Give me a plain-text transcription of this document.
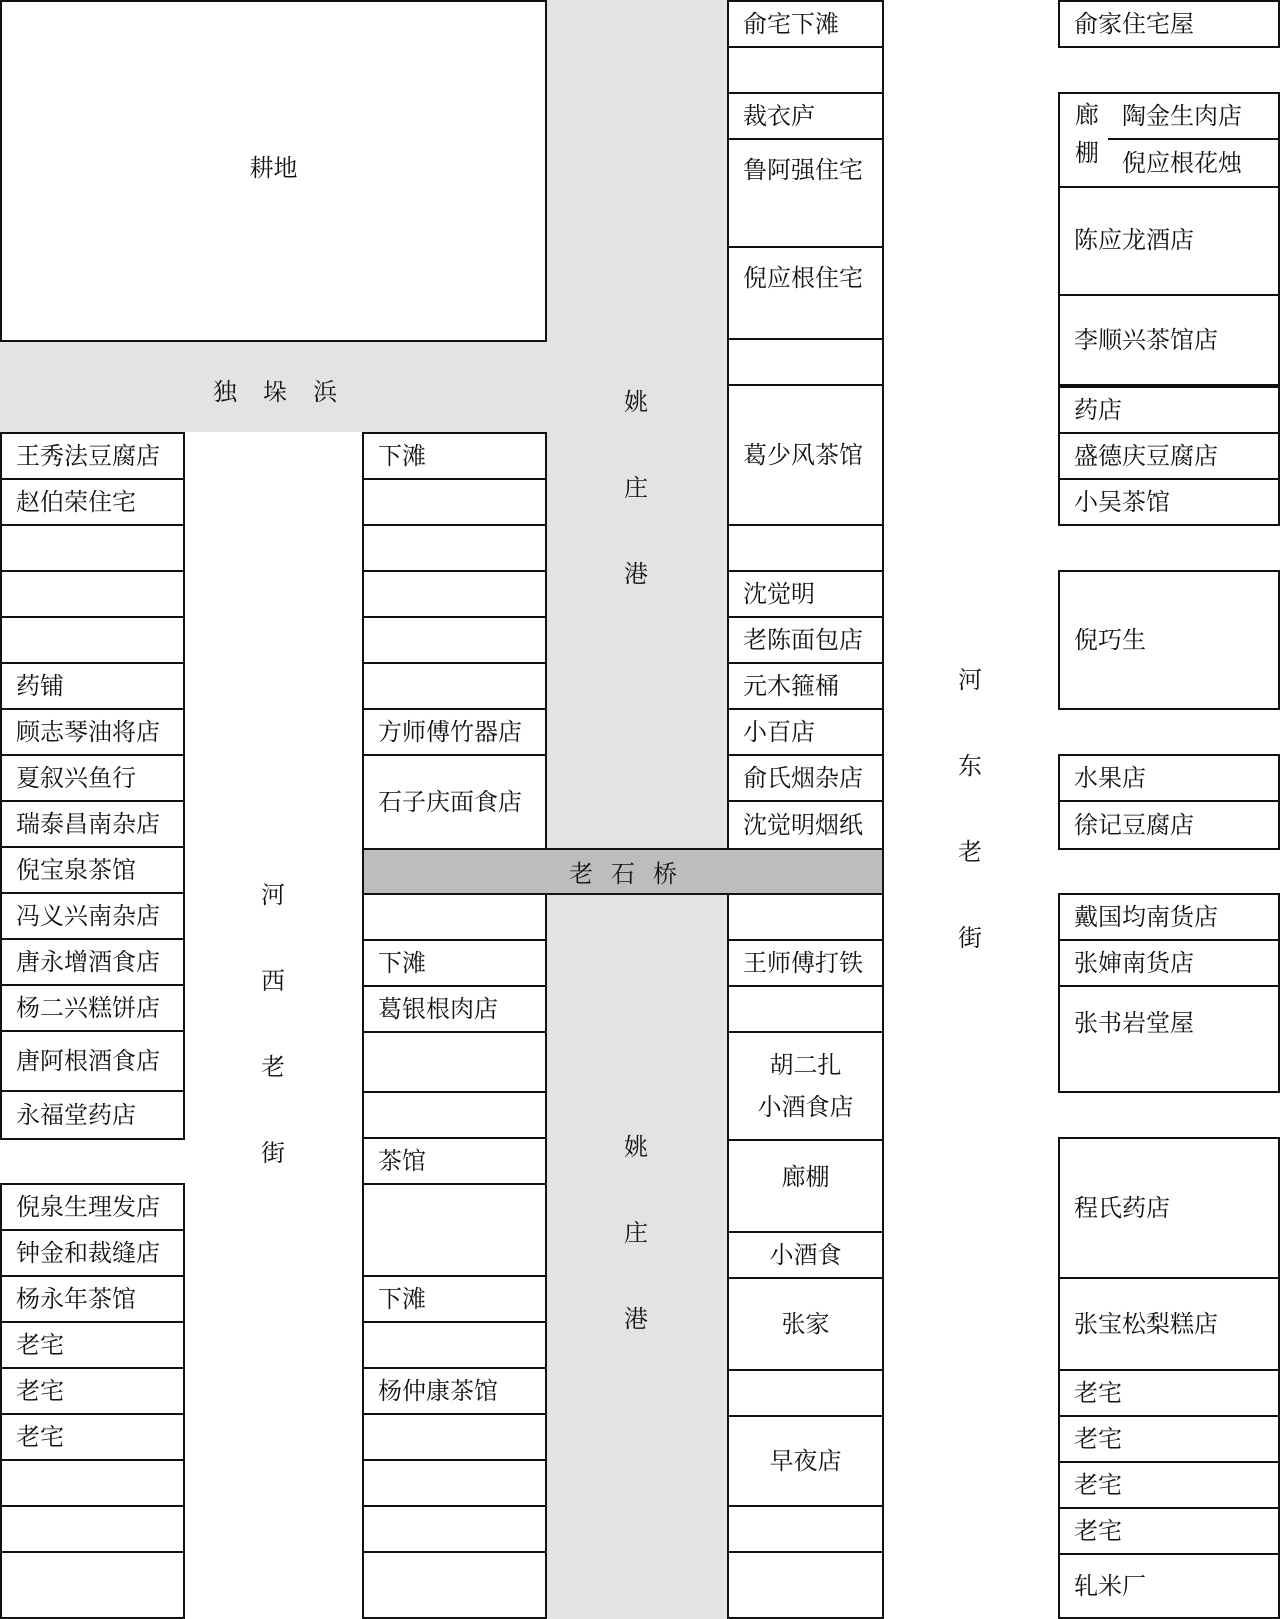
耕地
独垛浜	姚庄港
姚庄港
河西老街
河东老街
老石桥
王秀法豆腐店
赵伯荣住宅
药铺
顾志琴油将店
夏叙兴鱼行
瑞泰昌南杂店
倪宝泉茶馆
冯义兴南杂店
唐永增酒食店
杨二兴糕饼店
唐阿根酒食店
永福堂药店
倪泉生理发店
钟金和裁缝店
杨永年茶馆
老宅
老宅
老宅
下滩
方师傅竹器店
石子庆面食店
下滩
葛银根肉店
茶馆
下滩
杨仲康茶馆
俞宅下滩
裁衣庐
鲁阿强住宅
倪应根住宅
葛少风茶馆
沈觉明
老陈面包店
元木箍桶
小百店
俞氏烟杂店
沈觉明烟纸
王师傅打铁
胡二扎
小酒食店
廊棚
小酒食
张家
早夜店
俞家住宅屋
廊棚 陶金生肉店
倪应根花烛
陈应龙酒店
李顺兴茶馆店
药店
盛德庆豆腐店
小吴茶馆
倪巧生
水果店
徐记豆腐店
戴国均南货店
张婶南货店
张书岩堂屋
程氏药店
张宝松梨糕店
老宅
老宅
老宅
老宅
轧米厂
